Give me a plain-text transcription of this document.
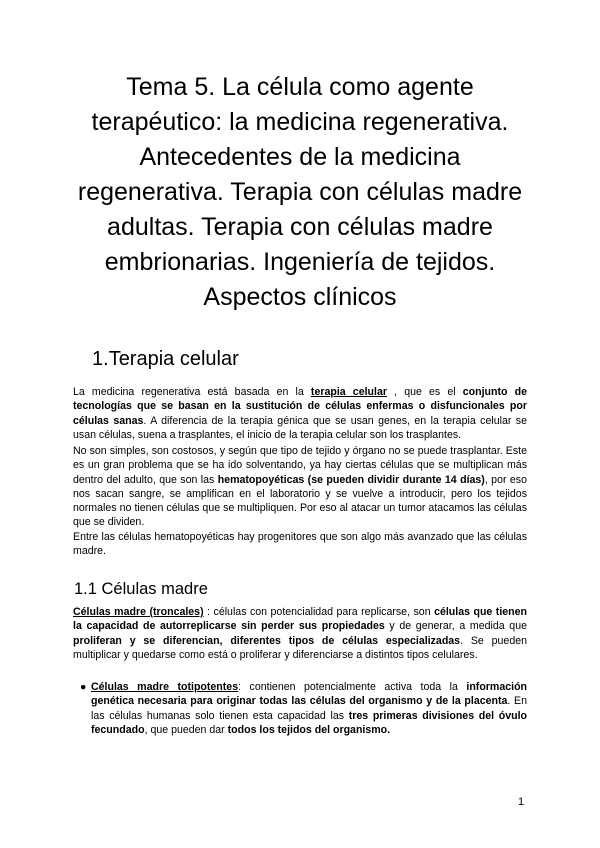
Tema 5. La célula como agente terapéutico: la medicina regenerativa. Antecedentes de la medicina regenerativa. Terapia con células madre adultas. Terapia con células madre embrionarias. Ingeniería de tejidos. Aspectos clínicos
1.Terapia celular

La medicina regenerativa está basada en la terapia celular , que es el conjunto de tecnologías que se basan en la sustitución de células enfermas o disfuncionales por células sanas. A diferencia de la terapia génica que se usan genes, en la terapia celular se usan células, suena a trasplantes, el inicio de la terapia celular son los trasplantes.

No son simples, son costosos, y según que tipo de tejido y órgano no se puede trasplantar. Este es un gran problema que se ha ido solventando, ya hay ciertas células que se multiplican más dentro del adulto, que son las hematopoyéticas (se pueden dividir durante 14 días), por eso nos sacan sangre, se amplifican en el laboratorio y se vuelve a introducir, pero los tejidos normales no tienen células que se multipliquen. Por eso al atacar un tumor atacamos las células que se dividen.

Entre las células hematopoyéticas hay progenitores que son algo más avanzado que las células madre.

1.1 Células madre

Células madre (troncales) : células con potencialidad para replicarse, son células que tienen la capacidad de autorreplicarse sin perder sus propiedades y de generar, a medida que proliferan y se diferencian, diferentes tipos de células especializadas. Se pueden multiplicar y quedarse como está o proliferar y diferenciarse a distintos tipos celulares.

● Células madre totipotentes: contienen potencialmente activa toda la información genética necesaria para originar todas las células del organismo y de la placenta. En las células humanas solo tienen esta capacidad las tres primeras divisiones del óvulo fecundado, que pueden dar todos los tejidos del organismo.

1
